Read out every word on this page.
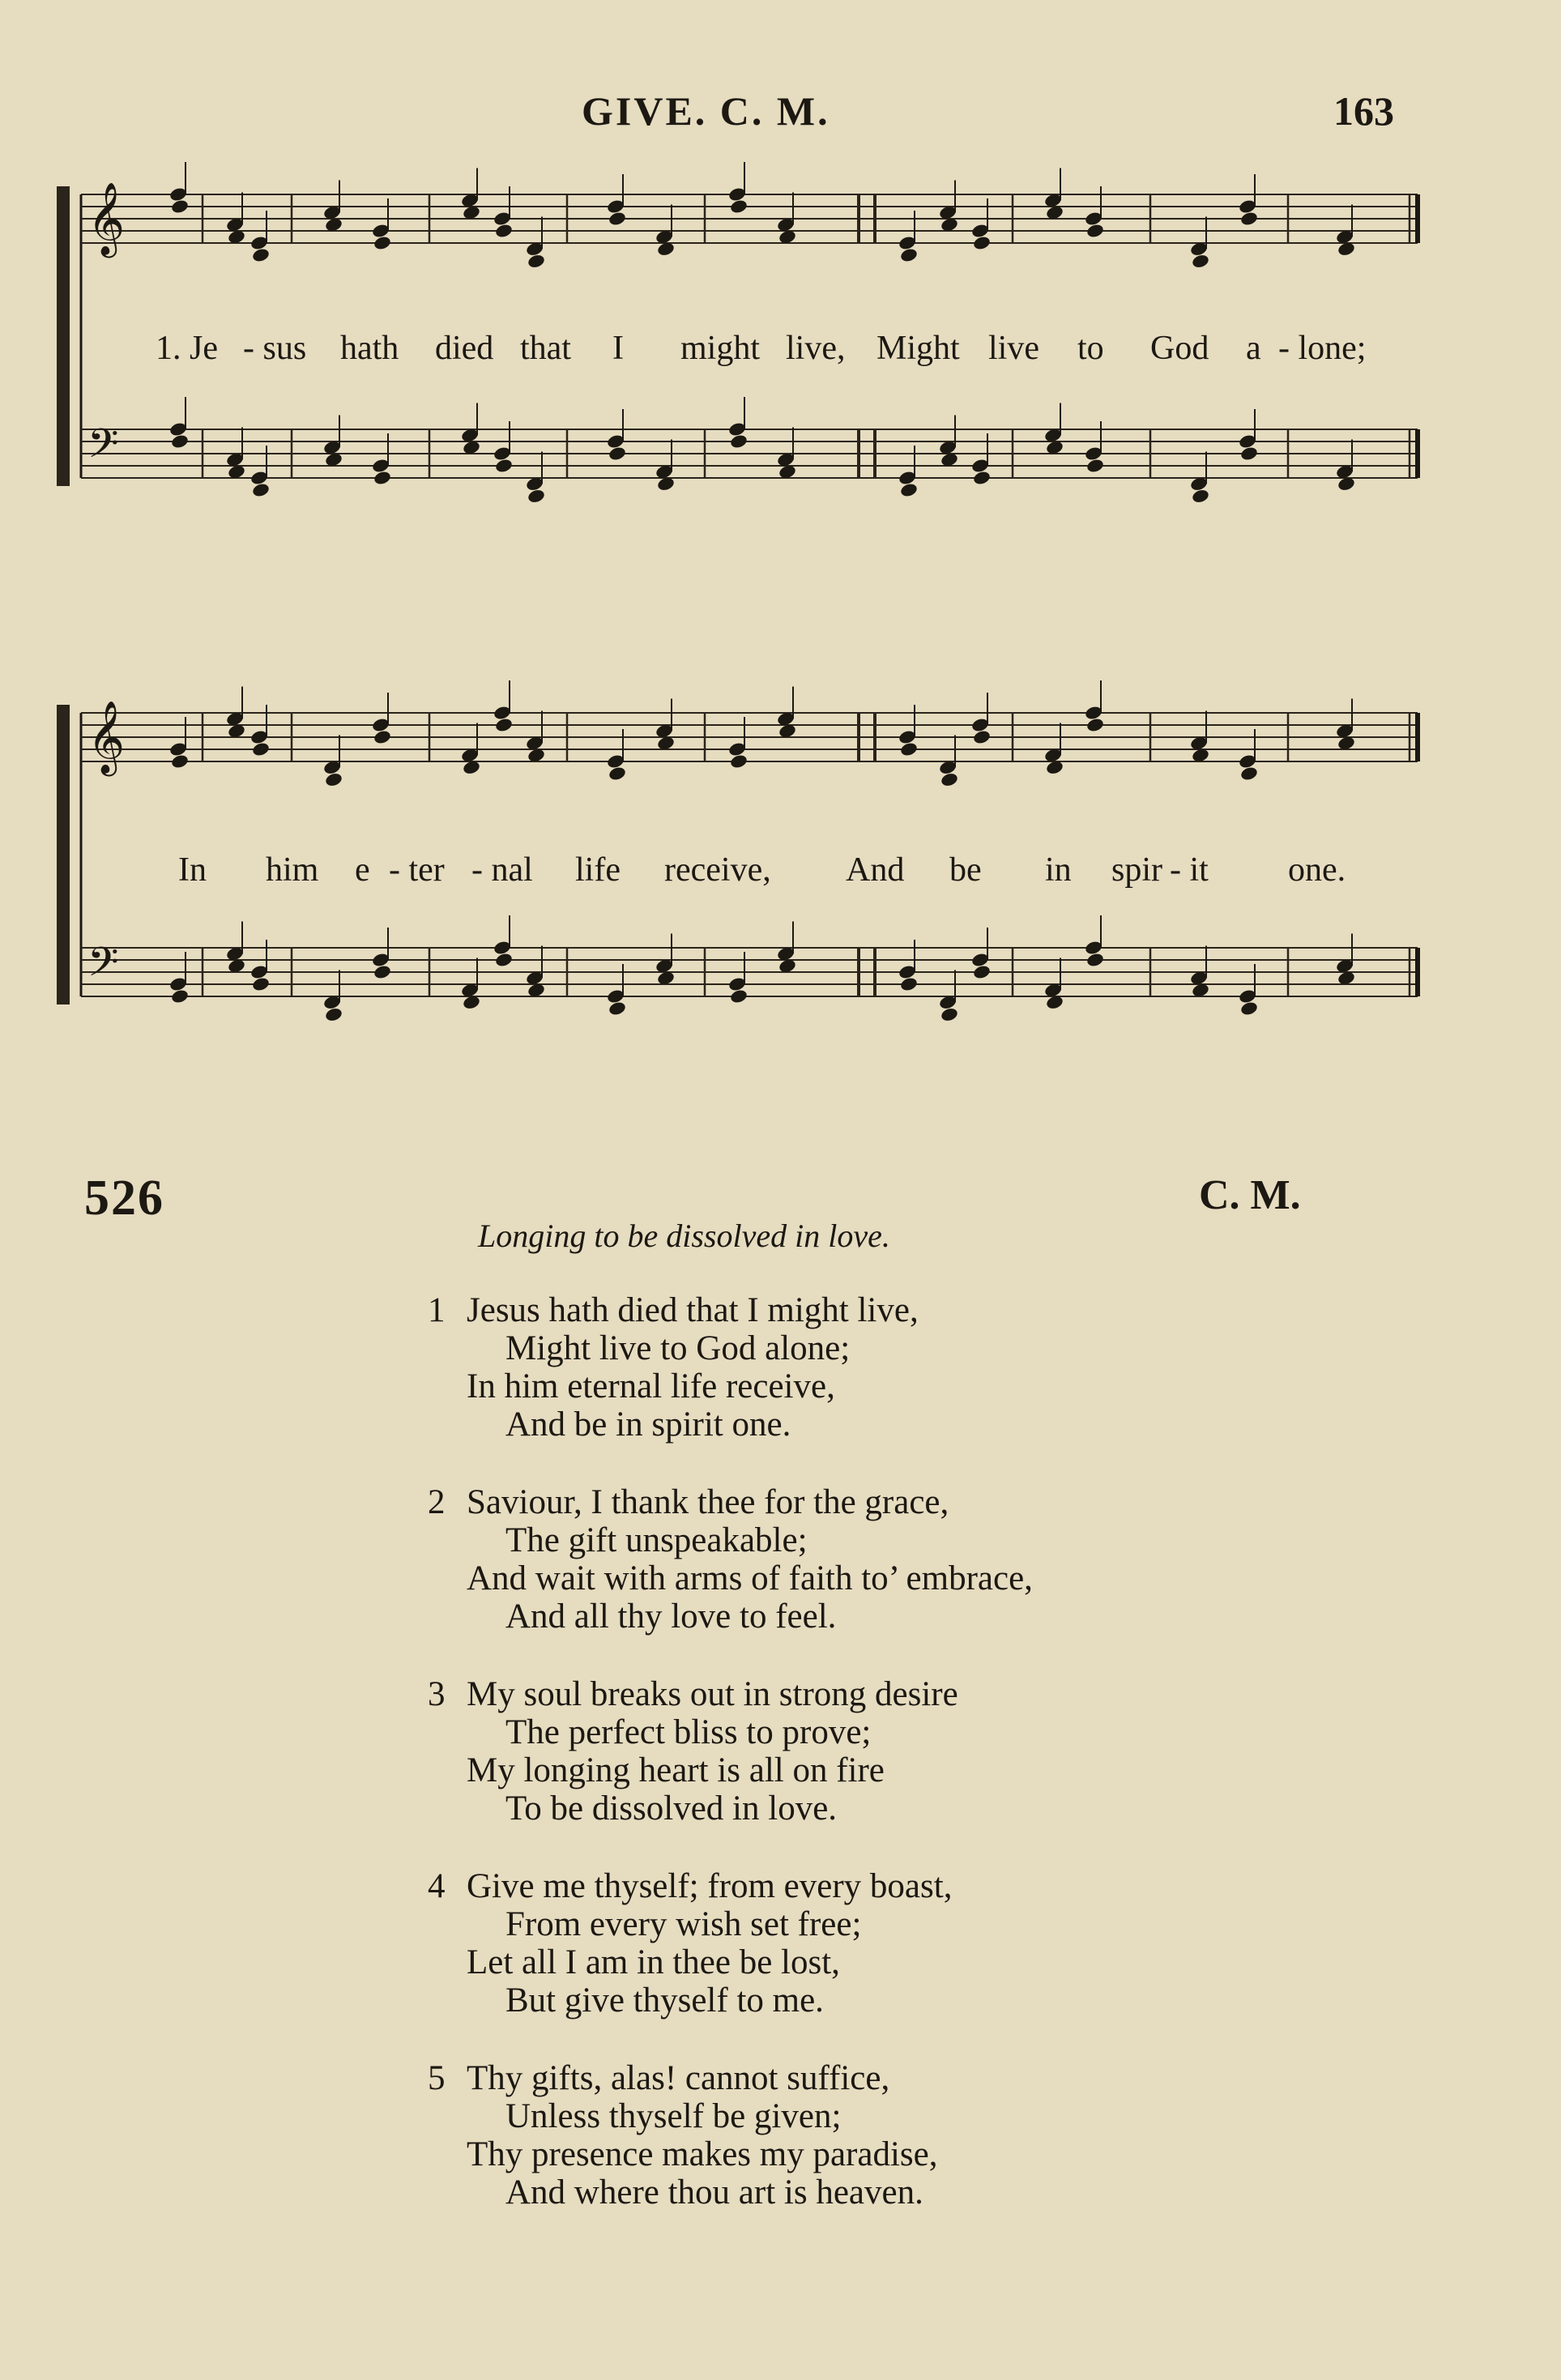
GIVE. C. M.	163
𝄞
𝄢
1. Je - sus hath died that I might live, Might live to God a - lone;
𝄞
𝄢
In him e - ter - nal life receive, And be in spir - it one.
526	C. M.
Longing to be dissolved in love.
1 Jesus hath died that I might live,
Might live to God alone;
In him eternal life receive,
And be in spirit one.
2 Saviour, I thank thee for the grace,
The gift unspeakable;
And wait with arms of faith to’ embrace,
And all thy love to feel.
3 My soul breaks out in strong desire
The perfect bliss to prove;
My longing heart is all on fire
To be dissolved in love.
4 Give me thyself; from every boast,
From every wish set free;
Let all I am in thee be lost,
But give thyself to me.
5 Thy gifts, alas! cannot suffice,
Unless thyself be given;
Thy presence makes my paradise,
And where thou art is heaven.
